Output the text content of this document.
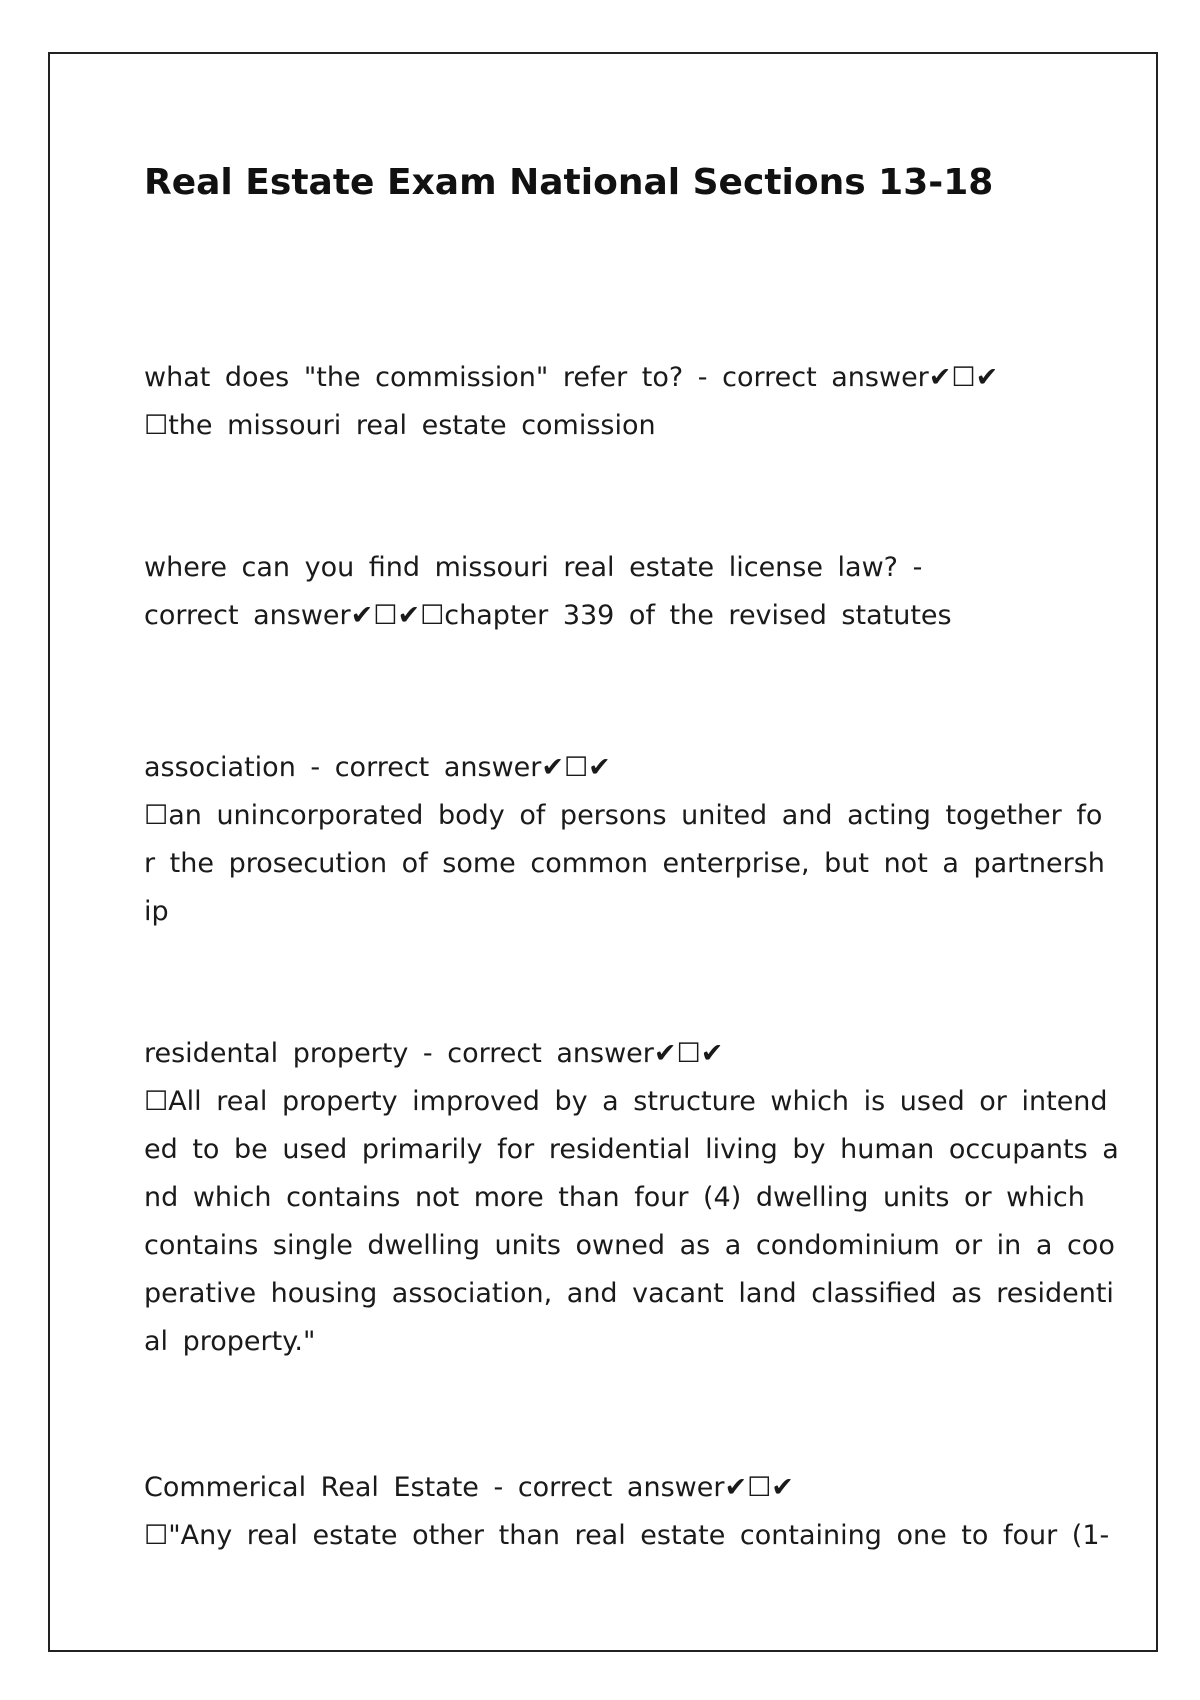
Real Estate Exam National Sections 13-18
what does "the commission" refer to? - correct answer✔☐✔
☐the missouri real estate comission
where can you find missouri real estate license law? -
correct answer✔☐✔☐chapter 339 of the revised statutes
association - correct answer✔☐✔
☐an unincorporated body of persons united and acting together fo
r the prosecution of some common enterprise, but not a partnersh
ip
residental property - correct answer✔☐✔
☐All real property improved by a structure which is used or intend
ed to be used primarily for residential living by human occupants a
nd which contains not more than four (4) dwelling units or which
contains single dwelling units owned as a condominium or in a coo
perative housing association, and vacant land classified as residenti
al property."
Commerical Real Estate - correct answer✔☐✔
☐"Any real estate other than real estate containing one to four (1-
